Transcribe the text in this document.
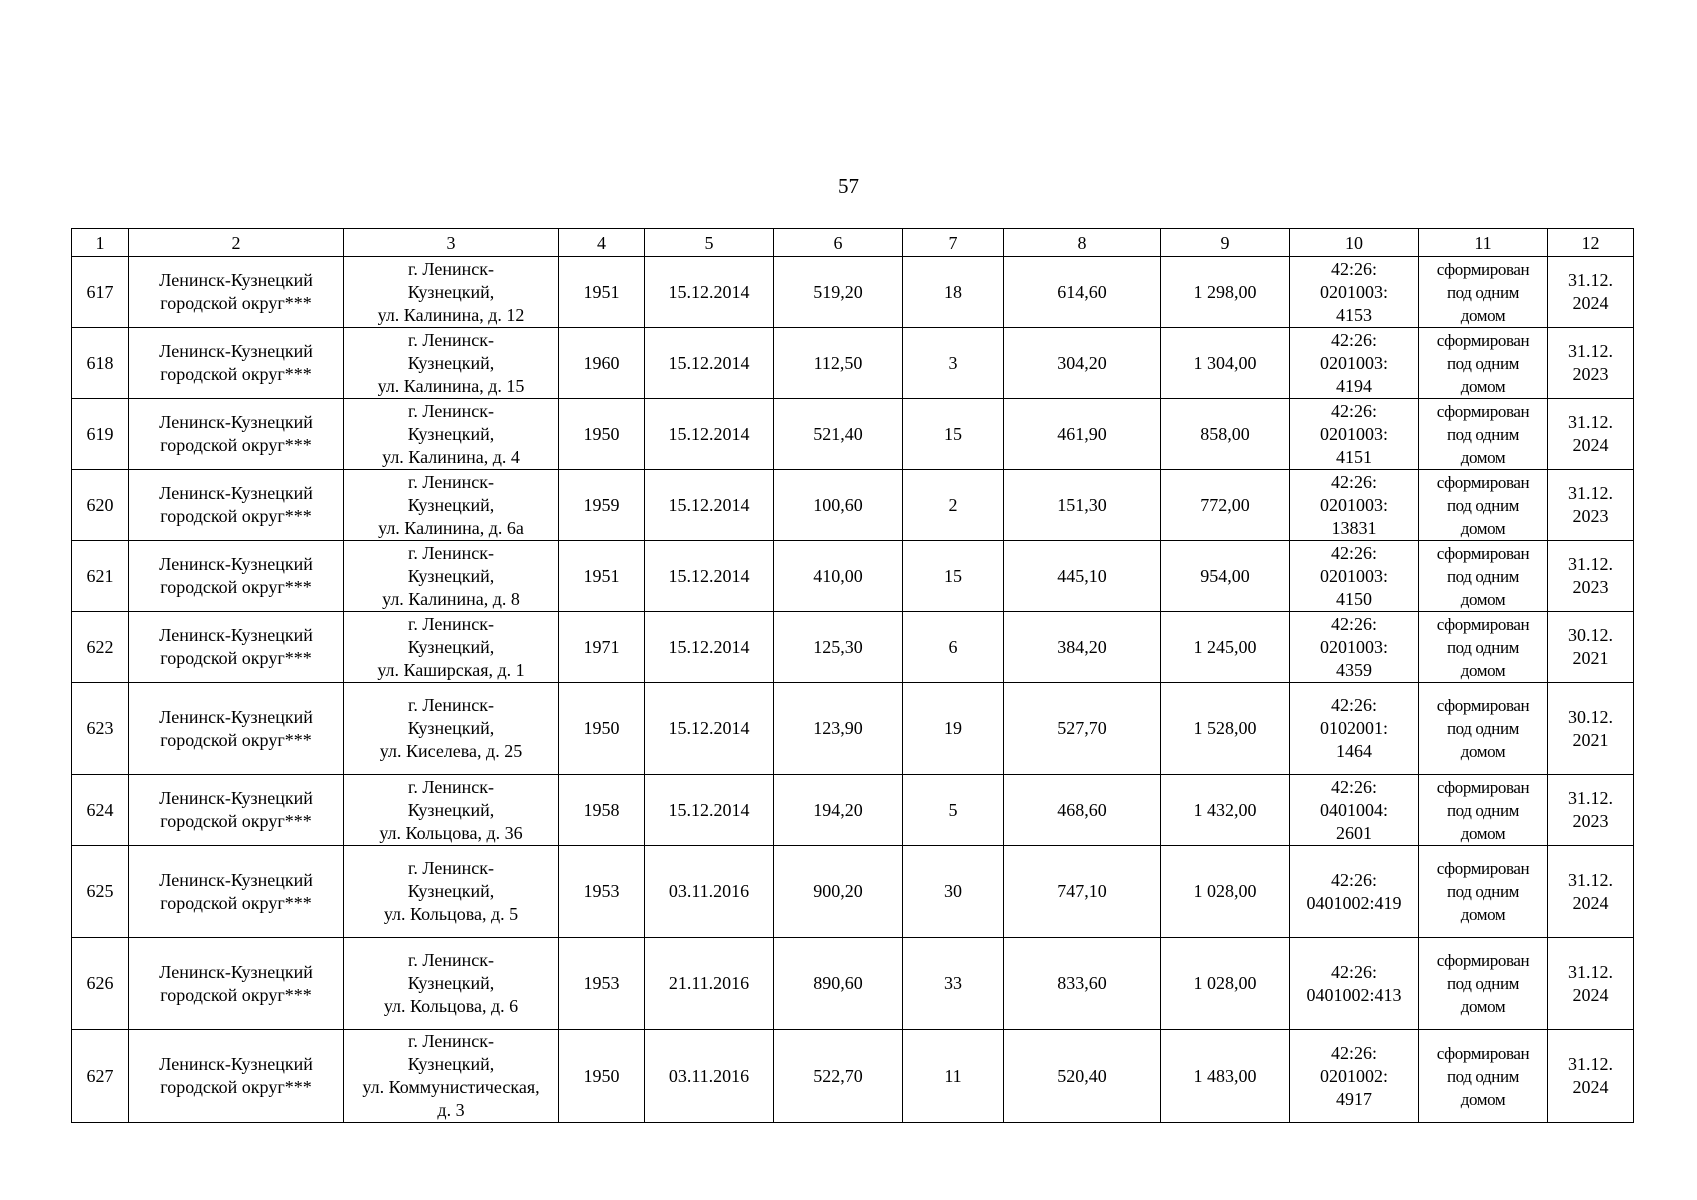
57
1	2	3	4	5	6	7	8	9	10	11	12

617	Ленинск-Кузнецкий
городской округ***	г. Ленинск-
Кузнецкий,
ул. Калинина, д. 12	1951	15.12.2014	519,20	18	614,60	1 298,00	42:26:
0201003:
4153	сформирован
под одним
домом	31.12.
2024

618	Ленинск-Кузнецкий
городской округ***	г. Ленинск-
Кузнецкий,
ул. Калинина, д. 15	1960	15.12.2014	112,50	3	304,20	1 304,00	42:26:
0201003:
4194	сформирован
под одним
домом	31.12.
2023

619	Ленинск-Кузнецкий
городской округ***	г. Ленинск-
Кузнецкий,
ул. Калинина, д. 4	1950	15.12.2014	521,40	15	461,90	858,00	42:26:
0201003:
4151	сформирован
под одним
домом	31.12.
2024

620	Ленинск-Кузнецкий
городской округ***	г. Ленинск-
Кузнецкий,
ул. Калинина, д. 6а	1959	15.12.2014	100,60	2	151,30	772,00	42:26:
0201003:
13831	сформирован
под одним
домом	31.12.
2023

621	Ленинск-Кузнецкий
городской округ***	г. Ленинск-
Кузнецкий,
ул. Калинина, д. 8	1951	15.12.2014	410,00	15	445,10	954,00	42:26:
0201003:
4150	сформирован
под одним
домом	31.12.
2023

622	Ленинск-Кузнецкий
городской округ***	г. Ленинск-
Кузнецкий,
ул. Каширская, д. 1	1971	15.12.2014	125,30	6	384,20	1 245,00	42:26:
0201003:
4359	сформирован
под одним
домом	30.12.
2021

623	Ленинск-Кузнецкий
городской округ***	г. Ленинск-
Кузнецкий,
ул. Киселева, д. 25	1950	15.12.2014	123,90	19	527,70	1 528,00	42:26:
0102001:
1464	сформирован
под одним
домом	30.12.
2021

624	Ленинск-Кузнецкий
городской округ***	г. Ленинск-
Кузнецкий,
ул. Кольцова, д. 36	1958	15.12.2014	194,20	5	468,60	1 432,00	42:26:
0401004:
2601	сформирован
под одним
домом	31.12.
2023

625	Ленинск-Кузнецкий
городской округ***	г. Ленинск-
Кузнецкий,
ул. Кольцова, д. 5	1953	03.11.2016	900,20	30	747,10	1 028,00	42:26:
0401002:419	сформирован
под одним
домом	31.12.
2024

626	Ленинск-Кузнецкий
городской округ***	г. Ленинск-
Кузнецкий,
ул. Кольцова, д. 6	1953	21.11.2016	890,60	33	833,60	1 028,00	42:26:
0401002:413	сформирован
под одним
домом	31.12.
2024

627	Ленинск-Кузнецкий
городской округ***	г. Ленинск-
Кузнецкий,
ул. Коммунистическая,
д. 3	1950	03.11.2016	522,70	11	520,40	1 483,00	42:26:
0201002:
4917	сформирован
под одним
домом	31.12.
2024
